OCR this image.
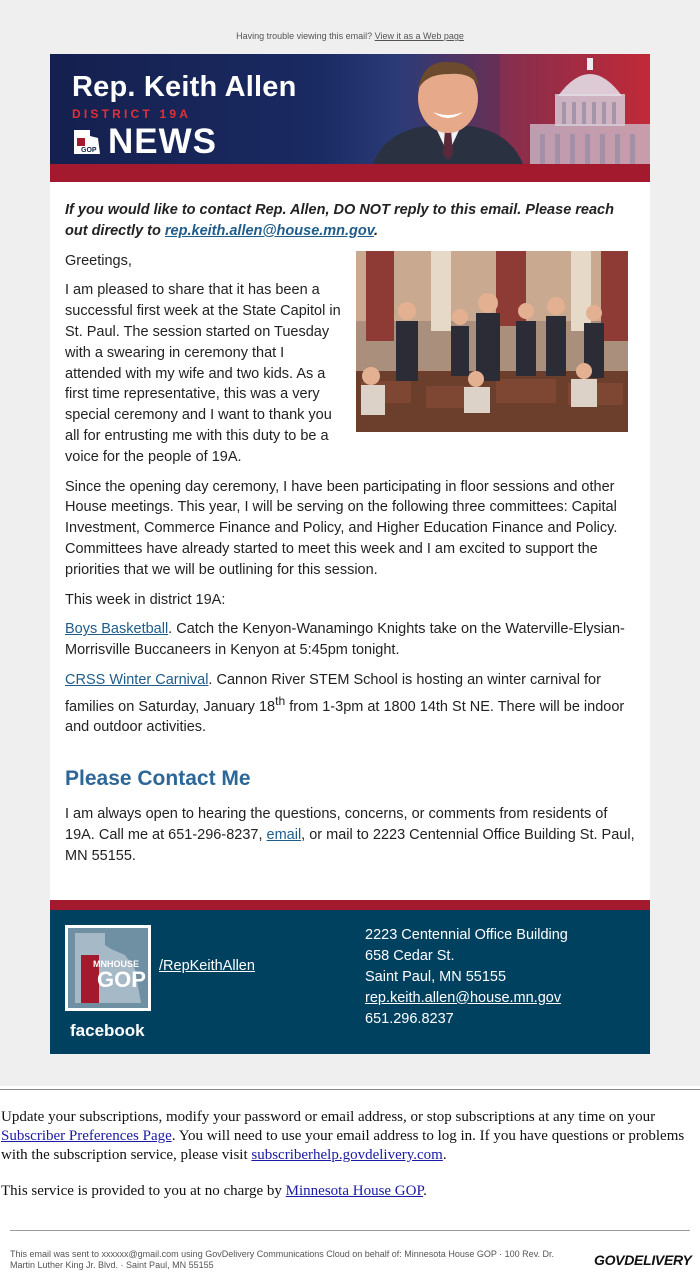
Having trouble viewing this email? View it as a Web page
Rep. Keith Allen
DISTRICT 19A
GOP NEWS

If you would like to contact Rep. Allen, DO NOT reply to this email. Please reach out directly to rep.keith.allen@house.mn.gov.

Greetings,

I am pleased to share that it has been a successful first week at the State Capitol in St. Paul. The session started on Tuesday with a swearing in ceremony that I attended with my wife and two kids. As a first time representative, this was a very special ceremony and I want to thank you all for entrusting me with this duty to be a voice for the people of 19A.

Since the opening day ceremony, I have been participating in floor sessions and other House meetings. This year, I will be serving on the following three committees: Capital Investment, Commerce Finance and Policy, and Higher Education Finance and Policy. Committees have already started to meet this week and I am excited to support the priorities that we will be outlining for this session.

This week in district 19A:

Boys Basketball. Catch the Kenyon-Wanamingo Knights take on the Waterville-Elysian-Morrisville Buccaneers in Kenyon at 5:45pm tonight.

CRSS Winter Carnival. Cannon River STEM School is hosting an winter carnival for families on Saturday, January 18th from 1-3pm at 1800 14th St NE. There will be indoor and outdoor activities.

Please Contact Me

I am always open to hearing the questions, concerns, or comments from residents of 19A. Call me at 651-296-8237, email, or mail to 2223 Centennial Office Building St. Paul, MN 55155.

MN HOUSE
GOP
facebook
/RepKeithAllen
2223 Centennial Office Building
658 Cedar St.
Saint Paul, MN 55155
rep.keith.allen@house.mn.gov
651.296.8237

Update your subscriptions, modify your password or email address, or stop subscriptions at any time on your Subscriber Preferences Page. You will need to use your email address to log in. If you have questions or problems with the subscription service, please visit subscriberhelp.govdelivery.com.

This service is provided to you at no charge by Minnesota House GOP.

This email was sent to xxxxxx@gmail.com using GovDelivery Communications Cloud on behalf of: Minnesota House GOP · 100 Rev. Dr. Martin Luther King Jr. Blvd. · Saint Paul, MN 55155	GOVDELIVERY
